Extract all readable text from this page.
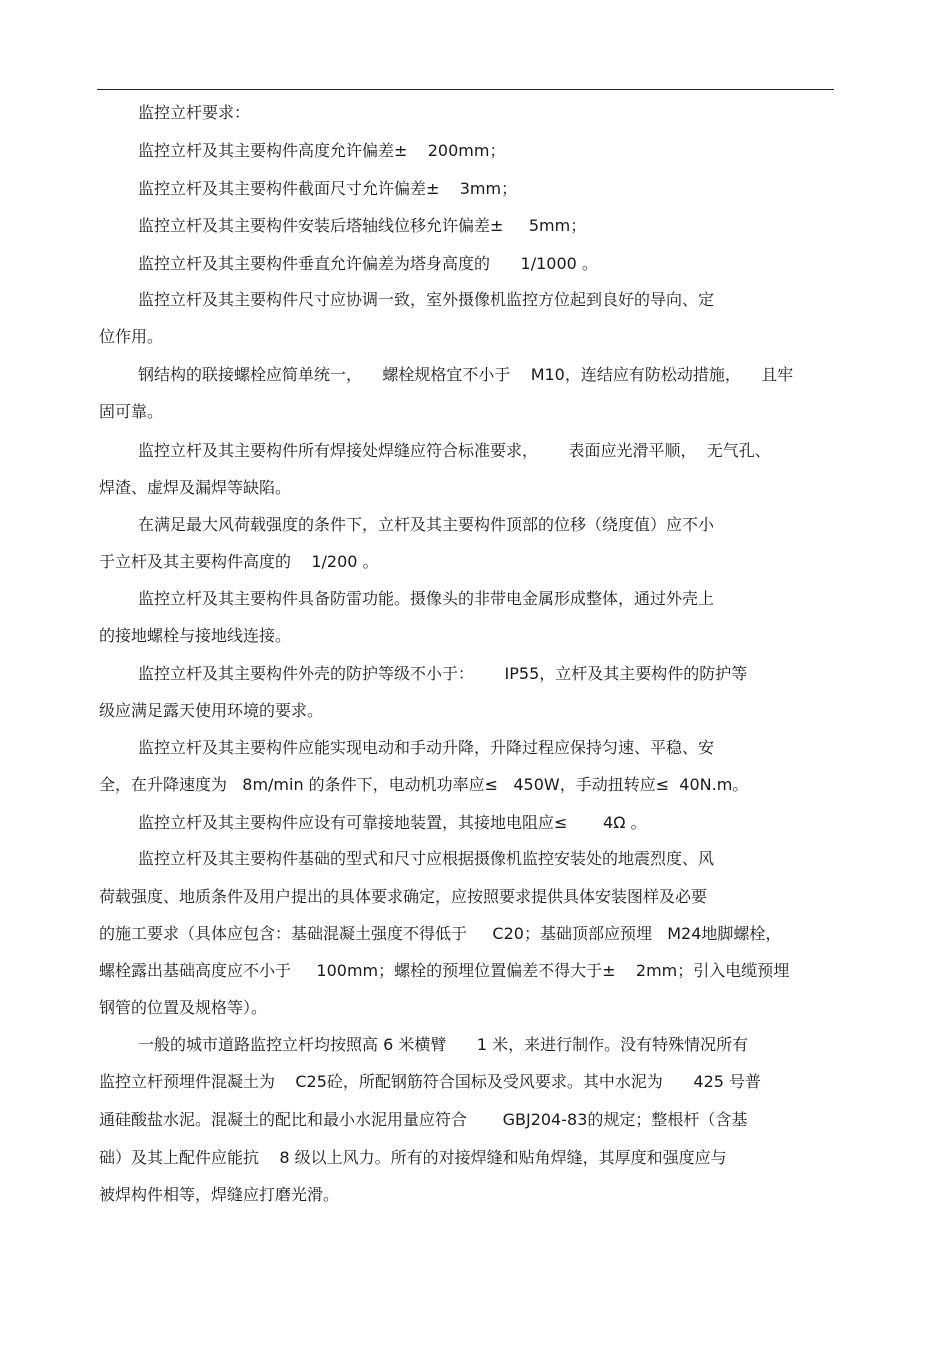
监控立杆要求：
监控立杆及其主要构件高度允许偏差±    200mm；
监控立杆及其主要构件截面尺寸允许偏差±    3mm；
监控立杆及其主要构件安装后塔轴线位移允许偏差±     5mm；
监控立杆及其主要构件垂直允许偏差为塔身高度的      1/1000 。
监控立杆及其主要构件尺寸应协调一致，室外摄像机监控方位起到良好的导向、定
位作用。
钢结构的联接螺栓应简单统一，    螺栓规格宜不小于    M10，连结应有防松动措施，    且牢
固可靠。
监控立杆及其主要构件所有焊接处焊缝应符合标准要求，      表面应光滑平顺，  无气孔、
焊渣、虚焊及漏焊等缺陷。
在满足最大风荷载强度的条件下，立杆及其主要构件顶部的位移（绕度值）应不小
于立杆及其主要构件高度的    1/200 。
监控立杆及其主要构件具备防雷功能。摄像头的非带电金属形成整体，通过外壳上
的接地螺栓与接地线连接。
监控立杆及其主要构件外壳的防护等级不小于：      IP55，立杆及其主要构件的防护等
级应满足露天使用环境的要求。
监控立杆及其主要构件应能实现电动和手动升降，升降过程应保持匀速、平稳、安
全，在升降速度为   8m/min 的条件下，电动机功率应≤   450W，手动扭转应≤  40N.m。
监控立杆及其主要构件应设有可靠接地装置，其接地电阻应≤       4Ω 。
监控立杆及其主要构件基础的型式和尺寸应根据摄像机监控安装处的地震烈度、风
荷载强度、地质条件及用户提出的具体要求确定，应按照要求提供具体安装图样及必要
的施工要求（具体应包含：基础混凝土强度不得低于     C20；基础顶部应预埋   M24地脚螺栓，
螺栓露出基础高度应不小于     100mm；螺栓的预埋位置偏差不得大于±    2mm；引入电缆预埋
钢管的位置及规格等）。
一般的城市道路监控立杆均按照高 6 米横臂      1 米，来进行制作。没有特殊情况所有
监控立杆预埋件混凝土为    C25砼，所配钢筋符合国标及受风要求。其中水泥为      425 号普
通硅酸盐水泥。混凝土的配比和最小水泥用量应符合       GBJ204-83的规定；整根杆（含基
础）及其上配件应能抗    8 级以上风力。所有的对接焊缝和贴角焊缝，其厚度和强度应与
被焊构件相等，焊缝应打磨光滑。
